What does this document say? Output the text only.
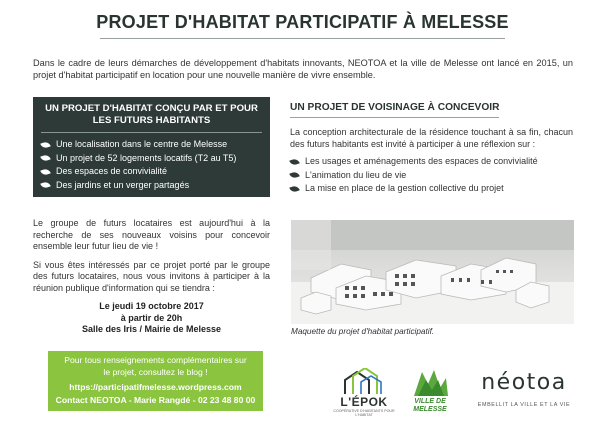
PROJET D'HABITAT PARTICIPATIF À MELESSE
Dans le cadre de leurs démarches de développement d'habitats innovants, NEOTOA et la ville de Melesse ont lancé en 2015, un projet d'habitat participatif en location pour une nouvelle manière de vivre ensemble.
UN PROJET D'HABITAT CONÇU PAR ET POUR LES FUTURS HABITANTS
Une localisation dans le centre de Melesse
Un projet de 52 logements locatifs (T2 au T5)
Des espaces de convivialité
Des jardins et un verger partagés
UN PROJET DE VOISINAGE À CONCEVOIR
La conception architecturale de la résidence touchant à sa fin, chacun des futurs habitants est invité à participer à une réflexion sur :
Les usages et aménagements des espaces de convivialité
L'animation du lieu de vie
La mise en place de la gestion collective du projet

Le groupe de futurs locataires est aujourd'hui à la recherche de ses nouveaux voisins pour concevoir ensemble leur futur lieu de vie !

Si vous êtes intéressés par ce projet porté par le groupe des futurs locataires, nous vous invitons à participer à la réunion publique d'information qui se tiendra :

Le jeudi 19 octobre 2017
à partir de 20h
Salle des Iris / Mairie de Melesse
Pour tous renseignements complémentaires sur
le projet, consultez le blog !
https://participatifmelesse.wordpress.com
Contact NEOTOA - Marie Rangdé - 02 23 48 80 00
Maquette du projet d'habitat participatif.
L'ÉPOK
COOPÉRATIVE D'HABITANTS POUR L'HABITAT
VILLE DE MELESSE
néotoa
EMBELLIT LA VILLE ET LA VIE
